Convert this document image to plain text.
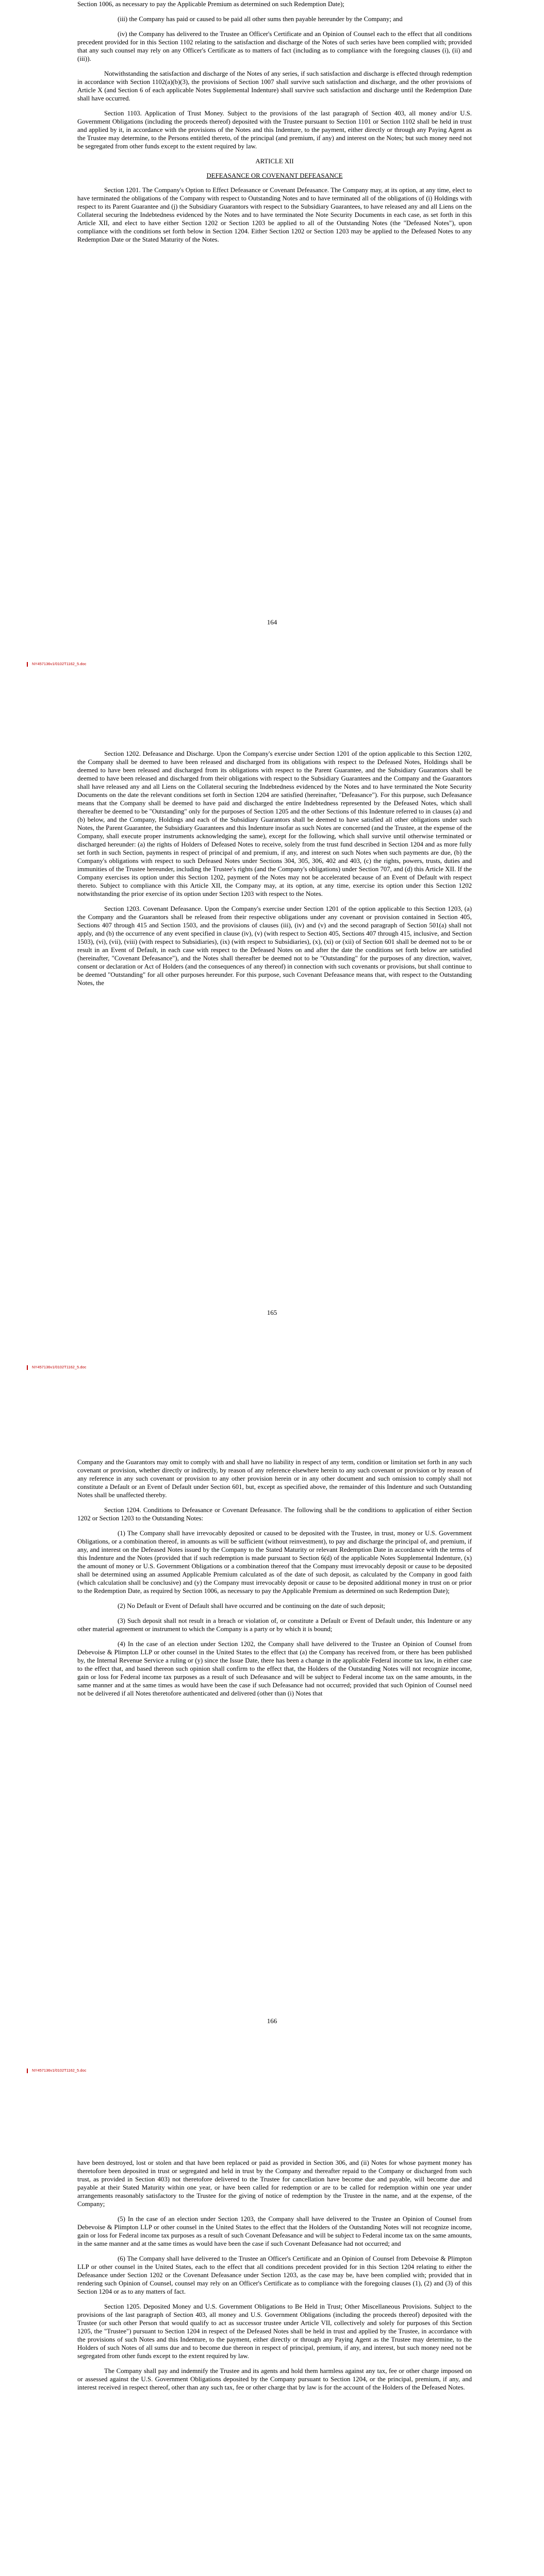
Section 1006, as necessary to pay the Applicable Premium as determined on such Redemption Date);

(iii) the Company has paid or caused to be paid all other sums then payable hereunder by the Company; and

(iv) the Company has delivered to the Trustee an Officer's Certificate and an Opinion of Counsel each to the effect that all conditions precedent provided for in this Section 1102 relating to the satisfaction and discharge of the Notes of such series have been complied with; provided that any such counsel may rely on any Officer's Certificate as to matters of fact (including as to compliance with the foregoing clauses (i), (ii) and (iii)).

Notwithstanding the satisfaction and discharge of the Notes of any series, if such satisfaction and discharge is effected through redemption in accordance with Section 1102(a)(b)(3), the provisions of Section 1007 shall survive such satisfaction and discharge, and the other provisions of Article X (and Section 6 of each applicable Notes Supplemental Indenture) shall survive such satisfaction and discharge until the Redemption Date shall have occurred.

Section 1103. Application of Trust Money. Subject to the provisions of the last paragraph of Section 403, all money and/or U.S. Government Obligations (including the proceeds thereof) deposited with the Trustee pursuant to Section 1101 or Section 1102 shall be held in trust and applied by it, in accordance with the provisions of the Notes and this Indenture, to the payment, either directly or through any Paying Agent as the Trustee may determine, to the Persons entitled thereto, of the principal (and premium, if any) and interest on the Notes; but such money need not be segregated from other funds except to the extent required by law.

ARTICLE XII

DEFEASANCE OR COVENANT DEFEASANCE

Section 1201. The Company's Option to Effect Defeasance or Covenant Defeasance. The Company may, at its option, at any time, elect to have terminated the obligations of the Company with respect to Outstanding Notes and to have terminated all of the obligations of (i) Holdings with respect to its Parent Guarantee and (j) the Subsidiary Guarantors with respect to the Subsidiary Guarantees, to have released any and all Liens on the Collateral securing the Indebtedness evidenced by the Notes and to have terminated the Note Security Documents in each case, as set forth in this Article XII, and elect to have either Section 1202 or Section 1203 be applied to all of the Outstanding Notes (the "Defeased Notes"), upon compliance with the conditions set forth below in Section 1204. Either Section 1202 or Section 1203 may be applied to the Defeased Notes to any Redemption Date or the Stated Maturity of the Notes.

164
NY457136v1/0102T1162_5.doc

Section 1202. Defeasance and Discharge. Upon the Company's exercise under Section 1201 of the option applicable to this Section 1202, the Company shall be deemed to have been released and discharged from its obligations with respect to the Defeased Notes, Holdings shall be deemed to have been released and discharged from its obligations with respect to the Parent Guarantee, and the Subsidiary Guarantors shall be deemed to have been released and discharged from their obligations with respect to the Subsidiary Guarantees and the Company and the Guarantors shall have released any and all Liens on the Collateral securing the Indebtedness evidenced by the Notes and to have terminated the Note Security Documents on the date the relevant conditions set forth in Section 1204 are satisfied (hereinafter, "Defeasance"). For this purpose, such Defeasance means that the Company shall be deemed to have paid and discharged the entire Indebtedness represented by the Defeased Notes, which shall thereafter be deemed to be "Outstanding" only for the purposes of Section 1205 and the other Sections of this Indenture referred to in clauses (a) and (b) below, and the Company, Holdings and each of the Subsidiary Guarantors shall be deemed to have satisfied all other obligations under such Notes, the Parent Guarantee, the Subsidiary Guarantees and this Indenture insofar as such Notes are concerned (and the Trustee, at the expense of the Company, shall execute proper instruments acknowledging the same), except for the following, which shall survive until otherwise terminated or discharged hereunder: (a) the rights of Holders of Defeased Notes to receive, solely from the trust fund described in Section 1204 and as more fully set forth in such Section, payments in respect of principal of and premium, if any, and interest on such Notes when such payments are due, (b) the Company's obligations with respect to such Defeased Notes under Sections 304, 305, 306, 402 and 403, (c) the rights, powers, trusts, duties and immunities of the Trustee hereunder, including the Trustee's rights (and the Company's obligations) under Section 707, and (d) this Article XII. If the Company exercises its option under this Section 1202, payment of the Notes may not be accelerated because of an Event of Default with respect thereto. Subject to compliance with this Article XII, the Company may, at its option, at any time, exercise its option under this Section 1202 notwithstanding the prior exercise of its option under Section 1203 with respect to the Notes.

Section 1203. Covenant Defeasance. Upon the Company's exercise under Section 1201 of the option applicable to this Section 1203, (a) the Company and the Guarantors shall be released from their respective obligations under any covenant or provision contained in Section 405, Sections 407 through 415 and Section 1503, and the provisions of clauses (iii), (iv) and (v) and the second paragraph of Section 501(a) shall not apply, and (b) the occurrence of any event specified in clause (iv), (v) (with respect to Section 405, Sections 407 through 415, inclusive, and Section 1503), (vi), (vii), (viii) (with respect to Subsidiaries), (ix) (with respect to Subsidiaries), (x), (xi) or (xii) of Section 601 shall be deemed not to be or result in an Event of Default, in each case with respect to the Defeased Notes on and after the date the conditions set forth below are satisfied (hereinafter, "Covenant Defeasance"), and the Notes shall thereafter be deemed not to be "Outstanding" for the purposes of any direction, waiver, consent or declaration or Act of Holders (and the consequences of any thereof) in connection with such covenants or provisions, but shall continue to be deemed "Outstanding" for all other purposes hereunder. For this purpose, such Covenant Defeasance means that, with respect to the Outstanding Notes, the

165
NY457136v1/0102T1162_5.doc

Company and the Guarantors may omit to comply with and shall have no liability in respect of any term, condition or limitation set forth in any such covenant or provision, whether directly or indirectly, by reason of any reference elsewhere herein to any such covenant or provision or by reason of any reference in any such covenant or provision to any other provision herein or in any other document and such omission to comply shall not constitute a Default or an Event of Default under Section 601, but, except as specified above, the remainder of this Indenture and such Outstanding Notes shall be unaffected thereby.

Section 1204. Conditions to Defeasance or Covenant Defeasance. The following shall be the conditions to application of either Section 1202 or Section 1203 to the Outstanding Notes:

(1) The Company shall have irrevocably deposited or caused to be deposited with the Trustee, in trust, money or U.S. Government Obligations, or a combination thereof, in amounts as will be sufficient (without reinvestment), to pay and discharge the principal of, and premium, if any, and interest on the Defeased Notes issued by the Company to the Stated Maturity or relevant Redemption Date in accordance with the terms of this Indenture and the Notes (provided that if such redemption is made pursuant to Section 6(d) of the applicable Notes Supplemental Indenture, (x) the amount of money or U.S. Government Obligations or a combination thereof that the Company must irrevocably deposit or cause to be deposited shall be determined using an assumed Applicable Premium calculated as of the date of such deposit, as calculated by the Company in good faith (which calculation shall be conclusive) and (y) the Company must irrevocably deposit or cause to be deposited additional money in trust on or prior to the Redemption Date, as required by Section 1006, as necessary to pay the Applicable Premium as determined on such Redemption Date);

(2) No Default or Event of Default shall have occurred and be continuing on the date of such deposit;

(3) Such deposit shall not result in a breach or violation of, or constitute a Default or Event of Default under, this Indenture or any other material agreement or instrument to which the Company is a party or by which it is bound;

(4) In the case of an election under Section 1202, the Company shall have delivered to the Trustee an Opinion of Counsel from Debevoise & Plimpton LLP or other counsel in the United States to the effect that (a) the Company has received from, or there has been published by, the Internal Revenue Service a ruling or (y) since the Issue Date, there has been a change in the applicable Federal income tax law, in either case to the effect that, and based thereon such opinion shall confirm to the effect that, the Holders of the Outstanding Notes will not recognize income, gain or loss for Federal income tax purposes as a result of such Defeasance and will be subject to Federal income tax on the same amounts, in the same manner and at the same times as would have been the case if such Defeasance had not occurred; provided that such Opinion of Counsel need not be delivered if all Notes theretofore authenticated and delivered (other than (i) Notes that

166
NY457136v1/0102T1162_5.doc

have been destroyed, lost or stolen and that have been replaced or paid as provided in Section 306, and (ii) Notes for whose payment money has theretofore been deposited in trust or segregated and held in trust by the Company and thereafter repaid to the Company or discharged from such trust, as provided in Section 403) not theretofore delivered to the Trustee for cancellation have become due and payable, will become due and payable at their Stated Maturity within one year, or have been called for redemption or are to be called for redemption within one year under arrangements reasonably satisfactory to the Trustee for the giving of notice of redemption by the Trustee in the name, and at the expense, of the Company;

(5) In the case of an election under Section 1203, the Company shall have delivered to the Trustee an Opinion of Counsel from Debevoise & Plimpton LLP or other counsel in the United States to the effect that the Holders of the Outstanding Notes will not recognize income, gain or loss for Federal income tax purposes as a result of such Covenant Defeasance and will be subject to Federal income tax on the same amounts, in the same manner and at the same times as would have been the case if such Covenant Defeasance had not occurred; and

(6) The Company shall have delivered to the Trustee an Officer's Certificate and an Opinion of Counsel from Debevoise & Plimpton LLP or other counsel in the United States, each to the effect that all conditions precedent provided for in this Section 1204 relating to either the Defeasance under Section 1202 or the Covenant Defeasance under Section 1203, as the case may be, have been complied with; provided that in rendering such Opinion of Counsel, counsel may rely on an Officer's Certificate as to compliance with the foregoing clauses (1), (2) and (3) of this Section 1204 or as to any matters of fact.

Section 1205. Deposited Money and U.S. Government Obligations to Be Held in Trust; Other Miscellaneous Provisions. Subject to the provisions of the last paragraph of Section 403, all money and U.S. Government Obligations (including the proceeds thereof) deposited with the Trustee (or such other Person that would qualify to act as successor trustee under Article VII, collectively and solely for purposes of this Section 1205, the "Trustee") pursuant to Section 1204 in respect of the Defeased Notes shall be held in trust and applied by the Trustee, in accordance with the provisions of such Notes and this Indenture, to the payment, either directly or through any Paying Agent as the Trustee may determine, to the Holders of such Notes of all sums due and to become due thereon in respect of principal, premium, if any, and interest, but such money need not be segregated from other funds except to the extent required by law.

The Company shall pay and indemnify the Trustee and its agents and hold them harmless against any tax, fee or other charge imposed on or assessed against the U.S. Government Obligations deposited by the Company pursuant to Section 1204, or the principal, premium, if any, and interest received in respect thereof, other than any such tax, fee or other charge that by law is for the account of the Holders of the Defeased Notes.
